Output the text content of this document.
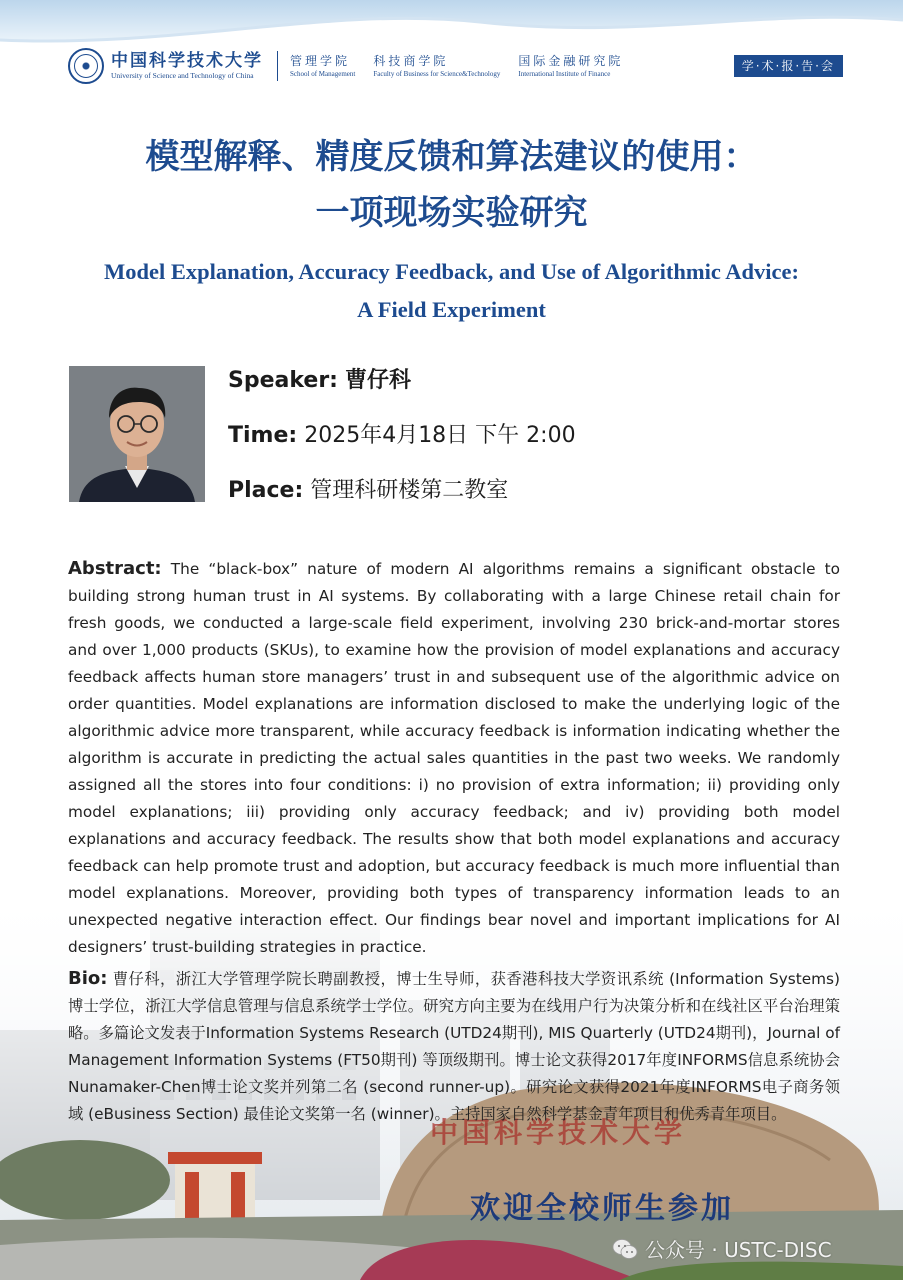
中国科学技术大学
University of Science and Technology of China
管理学院
School of Management
科技商学院
Faculty of Business for Science&Technology
国际金融研究院
International Institute of Finance
学·术·报·告·会
模型解释、精度反馈和算法建议的使用：
一项现场实验研究
Model Explanation, Accuracy Feedback, and Use of Algorithmic Advice:
A Field Experiment
Speaker: 曹仔科
Time: 2025年4月18日 下午 2:00
Place: 管理科研楼第二教室
中国科学技术大学
Abstract: The “black-box” nature of modern AI algorithms remains a significant obstacle to building strong human trust in AI systems. By collaborating with a large Chinese retail chain for fresh goods, we conducted a large-scale field experiment, involving 230 brick-and-mortar stores and over 1,000 products (SKUs), to examine how the provision of model explanations and accuracy feedback affects human store managers’ trust in and subsequent use of the algorithmic advice on order quantities. Model explanations are information disclosed to make the underlying logic of the algorithmic advice more transparent, while accuracy feedback is information indicating whether the algorithm is accurate in predicting the actual sales quantities in the past two weeks. We randomly assigned all the stores into four conditions: i) no provision of extra information; ii) providing only model explanations; iii) providing only accuracy feedback; and iv) providing both model explanations and accuracy feedback. The results show that both model explanations and accuracy feedback can help promote trust and adoption, but accuracy feedback is much more influential than model explanations. Moreover, providing both types of transparency information leads to an unexpected negative interaction effect. Our findings bear novel and important implications for AI designers’ trust-building strategies in practice.
Bio: 曹仔科，浙江大学管理学院长聘副教授，博士生导师，获香港科技大学资讯系统 (Information Systems) 博士学位，浙江大学信息管理与信息系统学士学位。研究方向主要为在线用户行为决策分析和在线社区平台治理策略。多篇论文发表于Information Systems Research (UTD24期刊), MIS Quarterly (UTD24期刊)，Journal of Management Information Systems (FT50期刊) 等顶级期刊。博士论文获得2017年度INFORMS信息系统协会Nunamaker-Chen博士论文奖并列第二名 (second runner-up)。研究论文获得2021年度INFORMS电子商务领域 (eBusiness Section) 最佳论文奖第一名 (winner)。主持国家自然科学基金青年项目和优秀青年项目。
欢迎全校师生参加
公众号 · USTC-DISC
